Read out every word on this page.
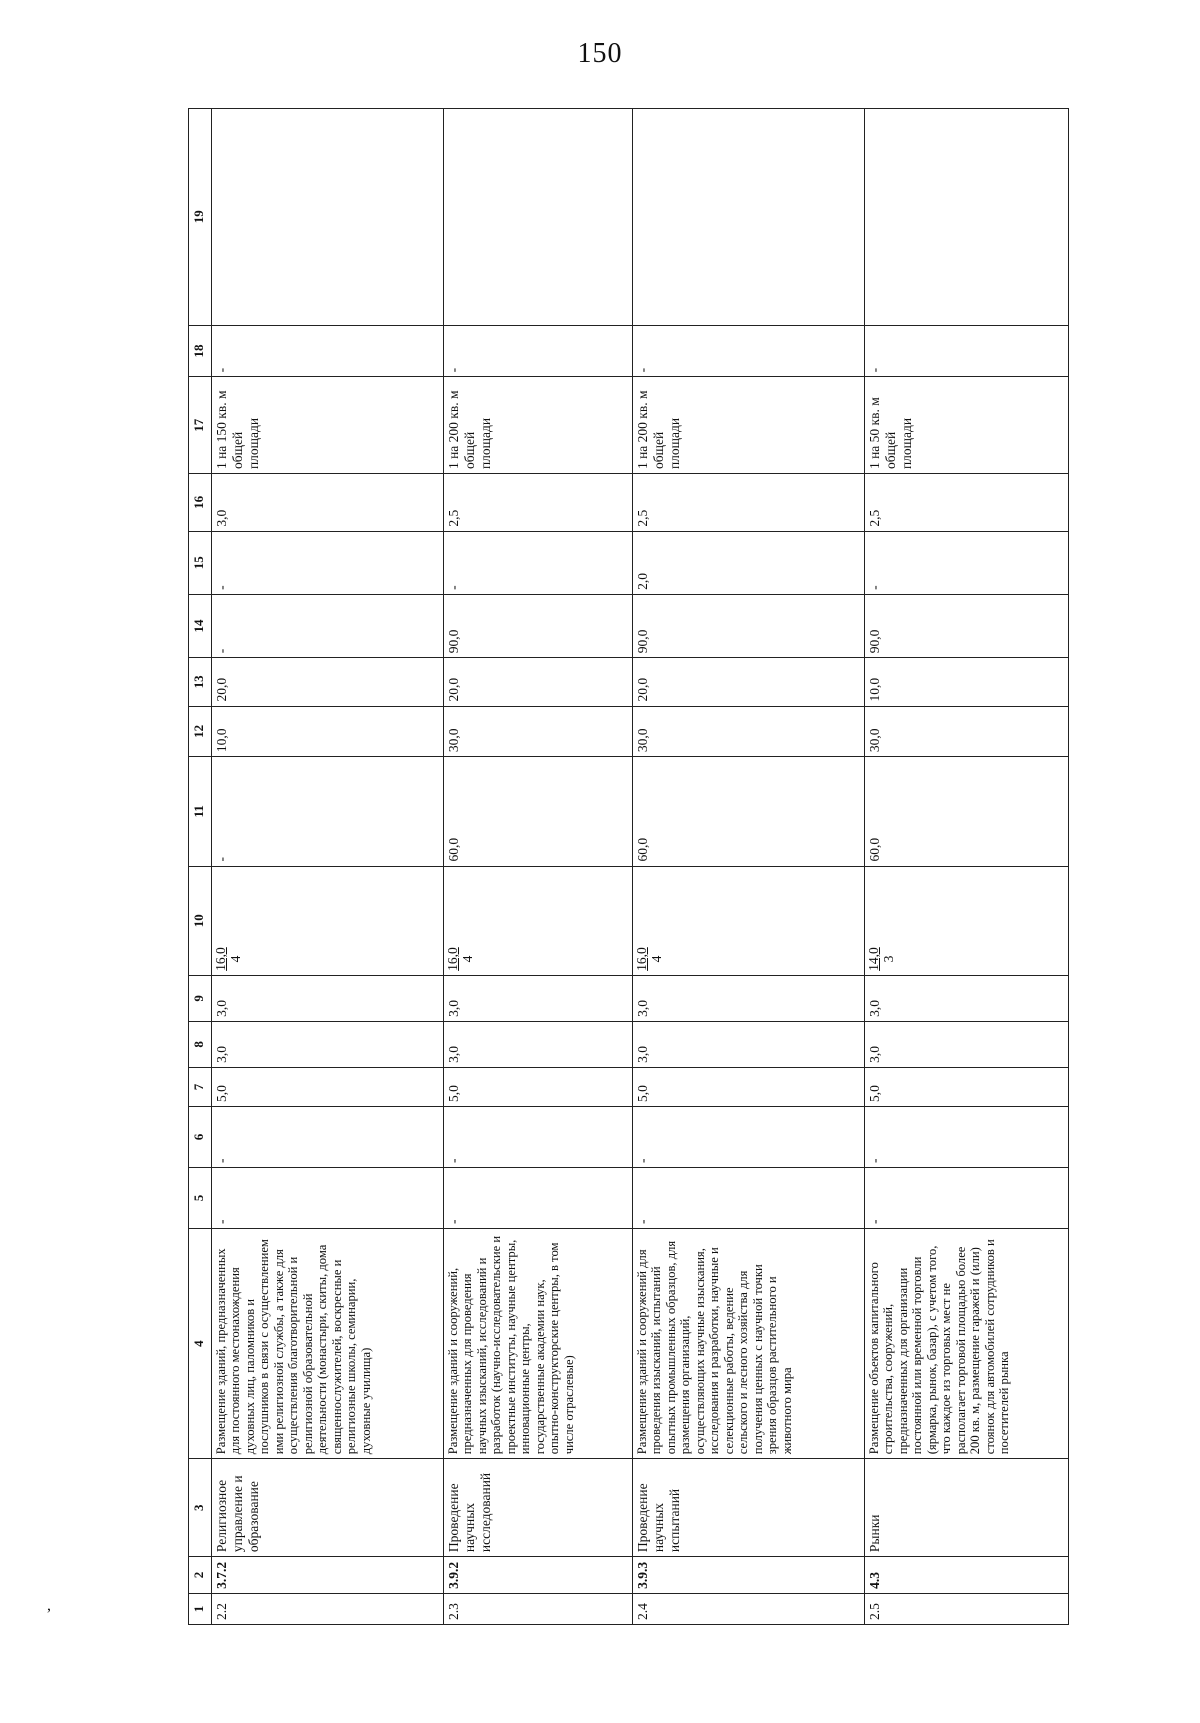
150
,	1	2	3	4	5	6	7	8	9	10	11	12	13	14	15	16	17	18	19
2.2	3.7.2	Религиозное управление и образование	Размещение зданий, предназначенных для постоянного местонахождения духовных лиц, паломников и послушников в связи с осуществлением ими религиозной службы, а также для осуществления благотворительной и религиозной образовательной деятельности (монастыри, скиты, дома священнослужителей, воскресные и религиозные школы, семинарии, духовные училища)	-	-	5,0	3,0	3,0	16,0 4	-	10,0	20,0	-	-	3,0	1 на 150 кв. м общей площади	-	
2.3	3.9.2	Проведение научных исследований	Размещение зданий и сооружений, предназначенных для проведения научных изысканий, исследований и разработок (научно-исследовательские и проектные институты, научные центры, инновационные центры, государственные академии наук, опытно-конструкторские центры, в том числе отраслевые)	-	-	5,0	3,0	3,0	16,0 4	60,0	30,0	20,0	90,0	-	2,5	1 на 200 кв. м общей площади	-	
2.4	3.9.3	Проведение научных испытаний	Размещение зданий и сооружений для проведения изысканий, испытаний опытных промышленных образцов, для размещения организаций, осуществляющих научные изыскания, исследования и разработки, научные и селекционные работы, ведение сельского и лесного хозяйства для получения ценных с научной точки зрения образцов растительного и животного мира	-	-	5,0	3,0	3,0	16,0 4	60,0	30,0	20,0	90,0	2,0	2,5	1 на 200 кв. м общей площади	-	
2.5	4.3	Рынки	Размещение объектов капитального строительства, сооружений, предназначенных для организации постоянной или временной торговли (ярмарка, рынок, базар), с учетом того, что каждое из торговых мест не располагает торговой площадью более 200 кв. м, размещение гаражей и (или) стоянок для автомобилей сотрудников и посетителей рынка	-	-	5,0	3,0	3,0	14,0 3	60,0	30,0	10,0	90,0	-	2,5	1 на 50 кв. м общей площади	-	
